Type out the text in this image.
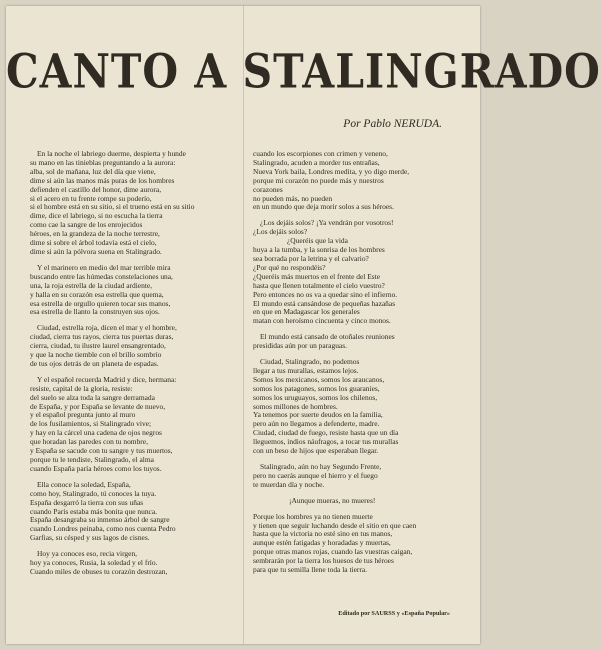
CANTO A STALINGRADO
Por Pablo NERUDA.
En la noche el labriego duerme, despierta y hunde
su mano en las tinieblas preguntando a la aurora:
alba, sol de mañana, luz del día que viene,
dime si aún las manos más puras de los hombres
defienden el castillo del honor, dime aurora,
si el acero en tu frente rompe su poderío,
si el hombre está en su sitio, si el trueno está en su sitio
dime, dice el labriego, si no escucha la tierra
como cae la sangre de los enrojecidos
héroes, en la grandeza de la noche terrestre,
dime si sobre el árbol todavía está el cielo,
dime si aún la pólvora suena en Stalingrado.
Y el marinero en medio del mar terrible mira
buscando entre las húmedas constelaciones una,
una, la roja estrella de la ciudad ardiente,
y halla en su corazón esa estrella que quema,
esa estrella de orgullo quieren tocar sus manos,
esa estrella de llanto la construyen sus ojos.
Ciudad, estrella roja, dicen el mar y el hombre,
ciudad, cierra tus rayos, cierra tus puertas duras,
cierra, ciudad, tu ilustre laurel ensangrentado,
y que la noche tiemble con el brillo sombrío
de tus ojos detrás de un planeta de espadas.
Y el español recuerda Madrid y dice, hermana:
resiste, capital de la gloria, resiste:
del suelo se alza toda la sangre derramada
de España, y por España se levante de nuevo,
y el español pregunta junto al muro
de los fusilamientos, si Stalingrado vive;
y hay en la cárcel una cadena de ojos negros
que horadan las paredes con tu nombre,
y España se sacude con tu sangre y tus muertos,
porque tu le tendiste, Stalingrado, el alma
cuando España paría héroes como los tuyos.
Ella conoce la soledad, España,
como hoy, Stalingrado, tú conoces la tuya.
España desgarró la tierra con sus uñas
cuando París estaba más bonita que nunca.
España desangraba su inmenso árbol de sangre
cuando Londres peinaba, como nos cuenta Pedro
Garfias, su césped y sus lagos de cisnes.
Hoy ya conoces eso, recia virgen,
hoy ya conoces, Rusia, la soledad y el frío.
Cuando miles de obuses tu corazón destrozan,
cuando los escorpiones con crimen y veneno,
Stalingrado, acuden a morder tus entrañas,
Nueva York baila, Londres medita, y yo digo merde,
porque mi corazón no puede más y nuestros
corazones
no pueden más, no pueden
en un mundo que deja morir solos a sus héroes.
¿Los dejáis solos? ¡Ya vendrán por vosotros!
¿Los dejáis solos?
¿Queréis que la vida
huya a la tumba, y la sonrisa de los hombres
sea borrada por la letrina y el calvario?
¿Por qué no respondéis?
¿Queréis más muertos en el frente del Este
hasta que llenen totalmente el cielo vuestro?
Pero entonces no os va a quedar sino el infierno.
El mundo está cansándose de pequeñas hazañas
en que en Madagascar los generales
matan con heroísmo cincuenta y cinco monos.
El mundo está cansado de otoñales reuniones
presididas aún por un paraguas.
Ciudad, Stalingrado, no podemos
llegar a tus murallas, estamos lejos.
Somos los mexicanos, somos los araucanos,
somos los patagones, somos los guaraníes,
somos los uruguayos, somos los chilenos,
somos millones de hombres.
Ya tenemos por suerte deudos en la familia,
pero aún no llegamos a defenderte, madre.
Ciudad, ciudad de fuego, resiste hasta que un día
lleguemos, indios náufragos, a tocar tus murallas
con un beso de hijos que esperaban llegar.
Stalingrado, aún no hay Segundo Frente,
pero no caerás aunque el hierro y el fuego
te muerdan día y noche.
¡Aunque mueras, no mueres!
Porque los hombres ya no tienen muerte
y tienen que seguir luchando desde el sitio en que caen
hasta que la victoria no esté sino en tus manos,
aunque estén fatigadas y horadadas y muertas,
porque otras manos rojas, cuando las vuestras caigan,
sembrarán por la tierra los huesos de tus héroes
para que tu semilla llene toda la tierra.
Editado por SAURSS y «España Popular»
